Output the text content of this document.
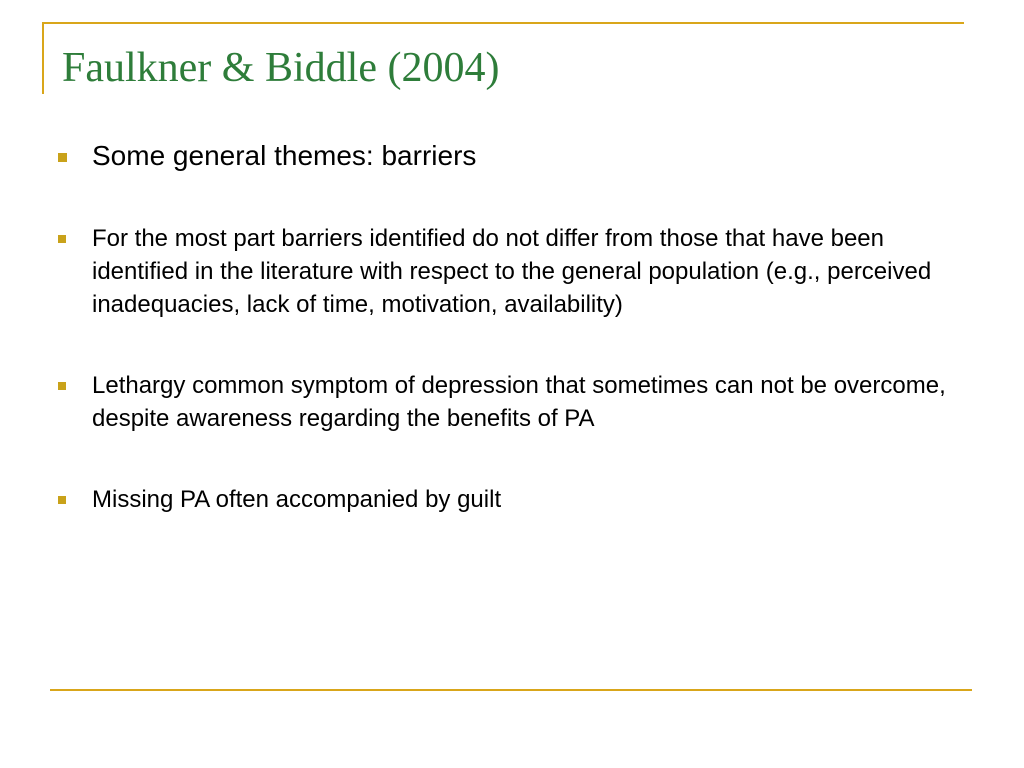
Faulkner & Biddle (2004)
Some general themes: barriers
For the most part barriers identified do not differ from those that have been identified in the literature with respect to the general population (e.g., perceived inadequacies, lack of time, motivation, availability)
Lethargy common symptom of depression that sometimes can not be overcome, despite awareness regarding the benefits of PA
Missing PA often accompanied by guilt
